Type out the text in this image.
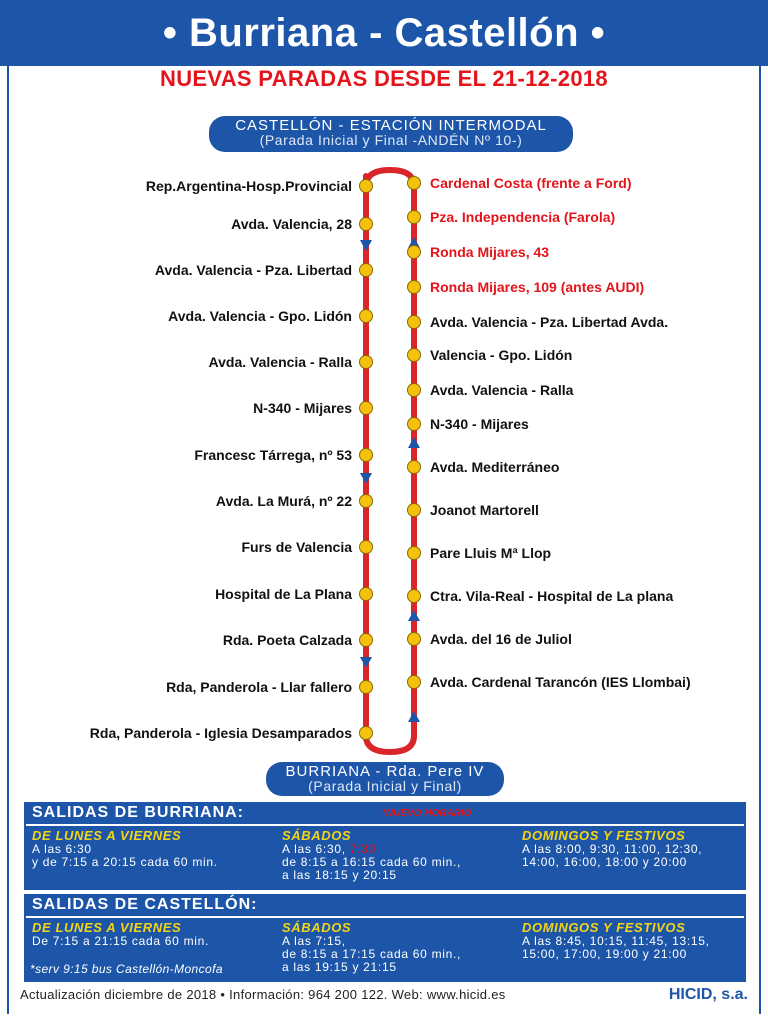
• Burriana - Castellón •
NUEVAS PARADAS DESDE EL 21-12-2018
CASTELLÓN - ESTACIÓN INTERMODAL
(Parada Inicial y Final -ANDÉN Nº 10-)
Rep.Argentina-Hosp.Provincial
Avda. Valencia, 28
Avda. Valencia - Pza. Libertad
Avda. Valencia - Gpo. Lidón
Avda. Valencia - Ralla
N-340 - Mijares
Francesc Tárrega, nº 53
Avda. La Murá, nº 22
Furs de Valencia
Hospital de La Plana
Rda. Poeta Calzada
Rda, Panderola - Llar fallero
Rda, Panderola - Iglesia Desamparados
Cardenal Costa (frente a Ford)
Pza. Independencia (Farola)
Ronda Mijares, 43
Ronda Mijares, 109 (antes AUDI)
Avda. Valencia - Pza. Libertad Avda.
Valencia - Gpo. Lidón
Avda. Valencia - Ralla
N-340 - Mijares
Avda. Mediterráneo
Joanot Martorell
Pare Lluis Mª Llop
Ctra. Vila-Real - Hospital de La plana
Avda. del 16 de Juliol
Avda. Cardenal Tarancón (IES Llombai)
BURRIANA - Rda. Pere IV
(Parada Inicial y Final)
SALIDAS DE BURRIANA:
DE LUNES A VIERNES
A las 6:30
y de 7:15 a 20:15 cada 60 min.
SÁBADOS
A las 6:30, 7:30
de 8:15 a 16:15 cada 60 min.,
a las 18:15 y 20:15
DOMINGOS Y FESTIVOS
A las 8:00, 9:30, 11:00, 12:30,
14:00, 16:00, 18:00 y 20:00
*NUEVO HORARIO
SALIDAS DE CASTELLÓN:
DE LUNES A VIERNES
De 7:15 a 21:15 cada 60 min.
SÁBADOS
A las 7:15,
de 8:15 a 17:15 cada 60 min.,
a las 19:15 y 21:15
DOMINGOS Y FESTIVOS
A las 8:45, 10:15, 11:45, 13:15,
15:00, 17:00, 19:00 y 21:00
*serv 9:15 bus Castellón-Moncofa
Actualización diciembre de 2018 • Información: 964 200 122. Web: www.hicid.es	HICID, s.a.
